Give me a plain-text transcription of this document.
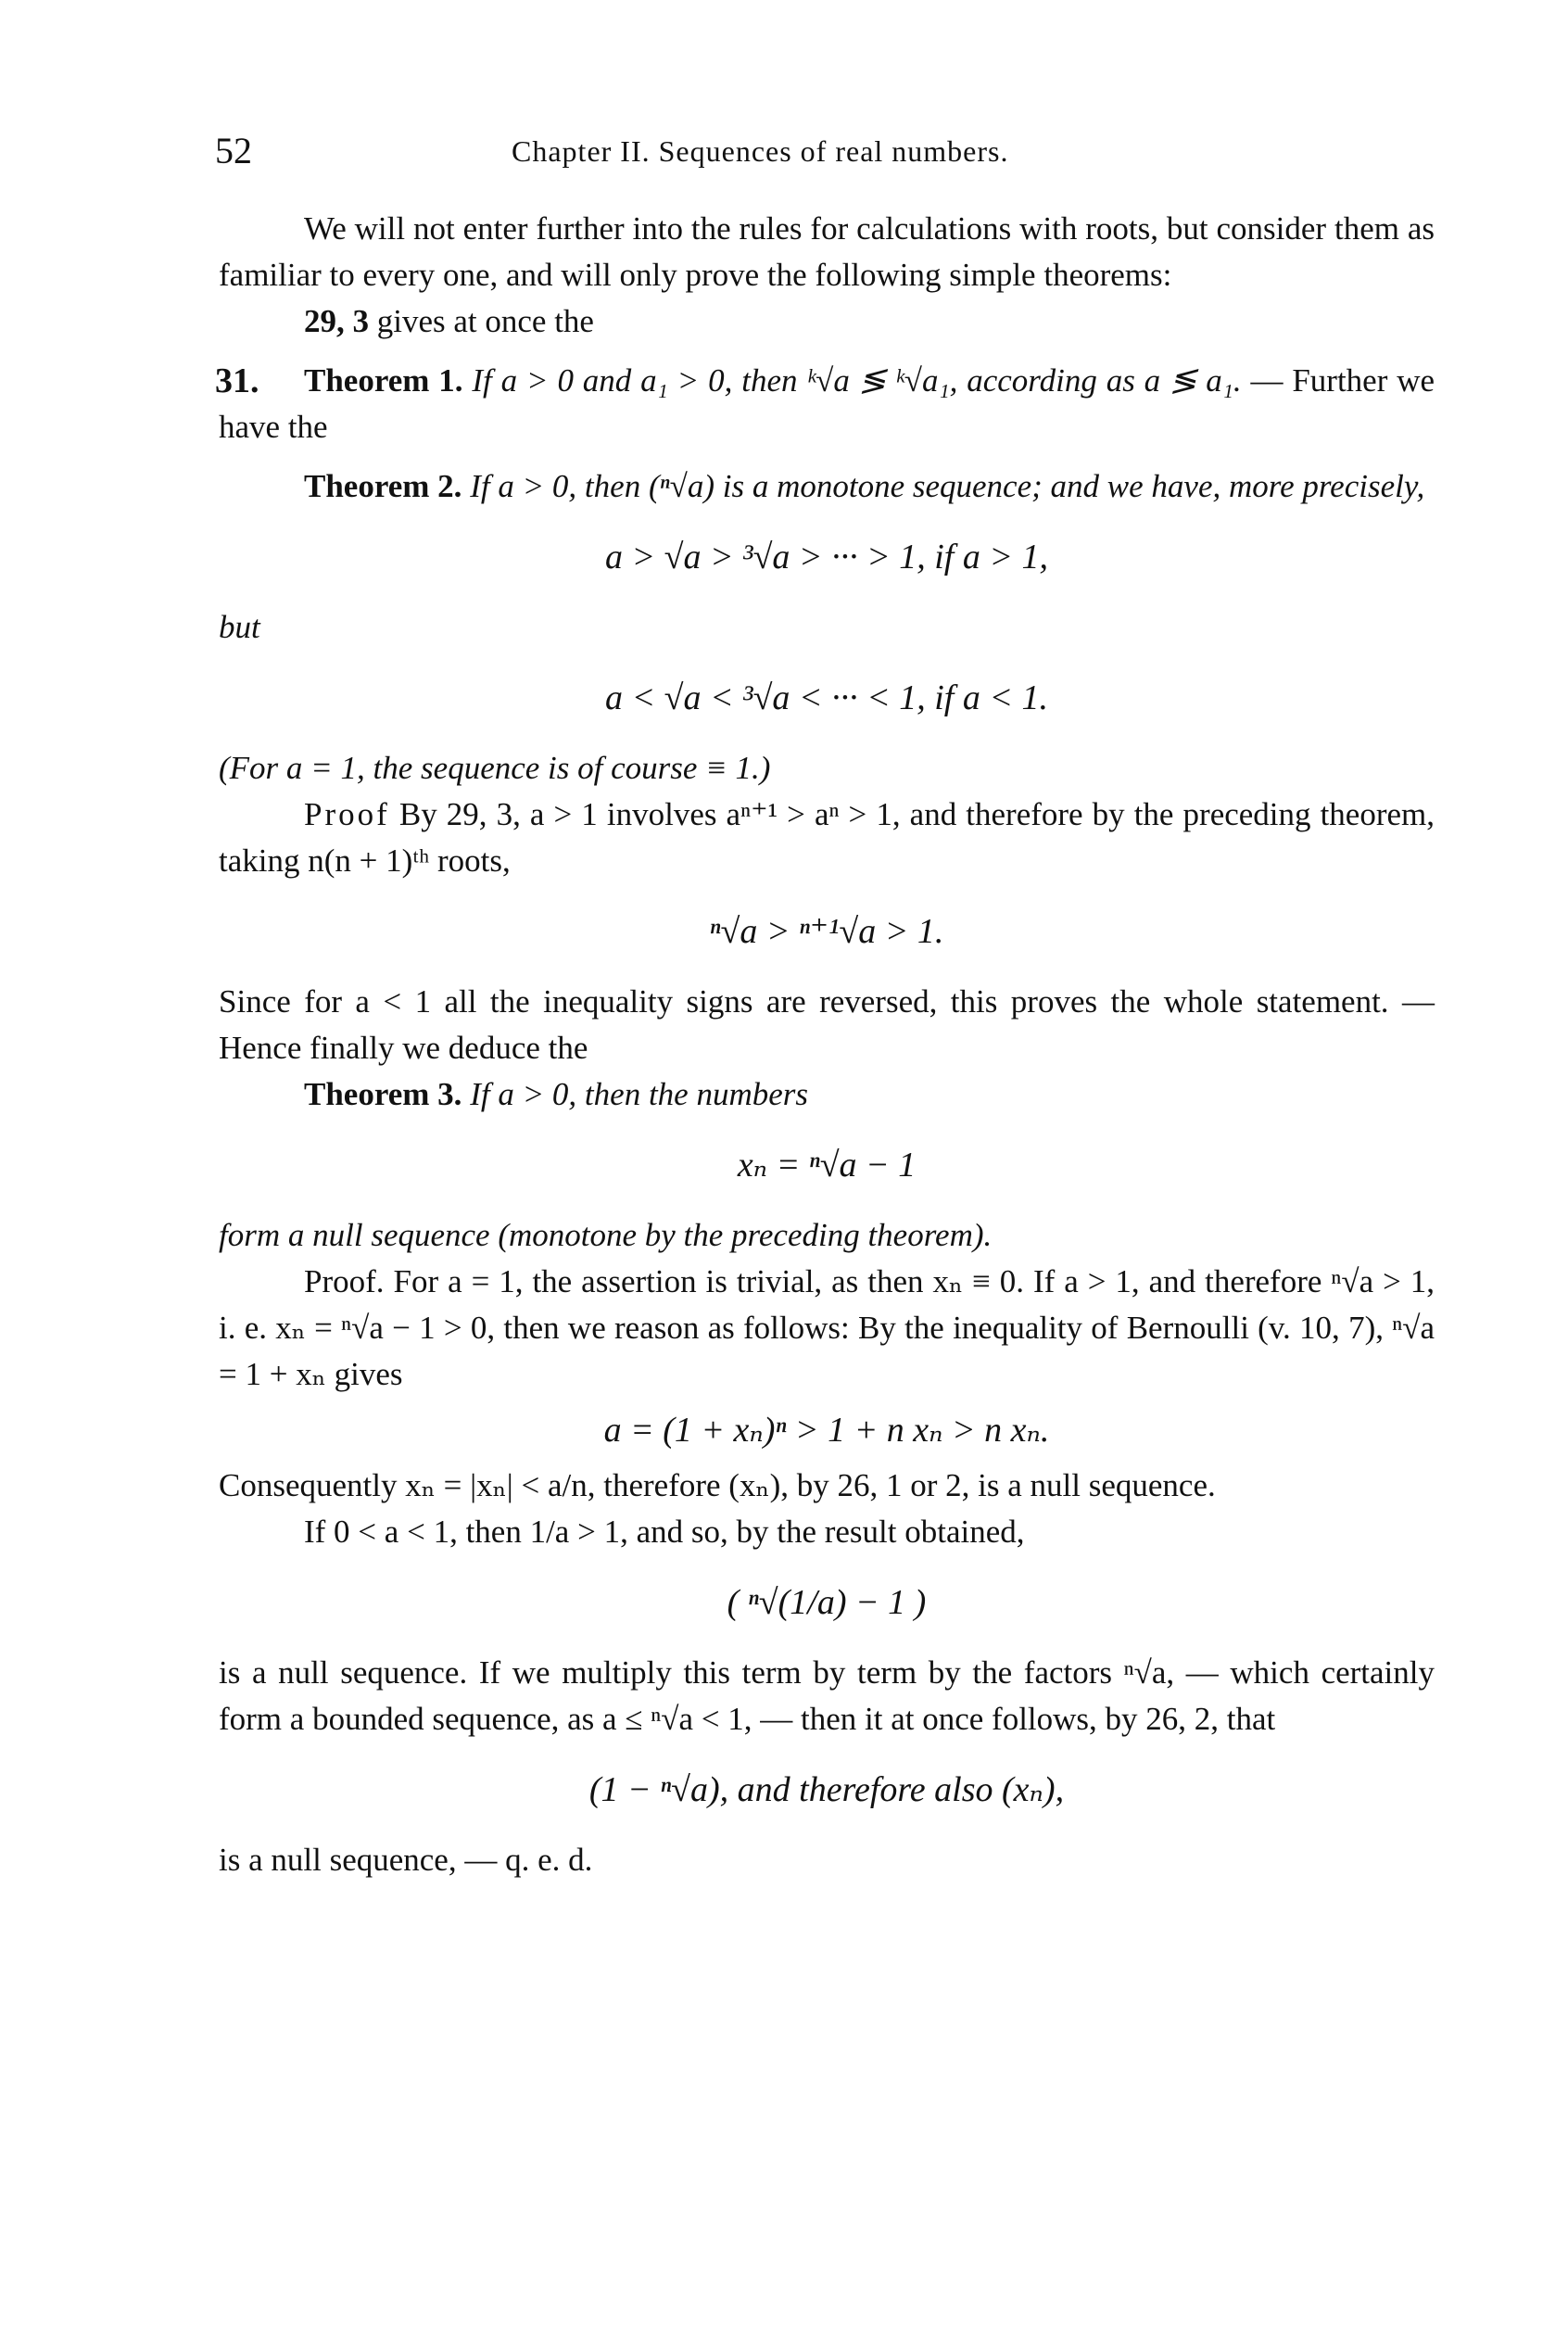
52	Chapter II. Sequences of real numbers.

We will not enter further into the rules for calculations with roots, but consider them as familiar to every one, and will only prove the following simple theorems:

29, 3 gives at once the

31. Theorem 1. If a > 0 and a₁ > 0, then ᵏ√a ≶ ᵏ√a₁, according as a ≶ a₁. — Further we have the

Theorem 2. If a > 0, then (ⁿ√a) is a monotone sequence; and we have, more precisely,

a > √a > ³√a > ··· > 1, if a > 1,

but

a < √a < ³√a < ··· < 1, if a < 1.

(For a = 1, the sequence is of course ≡ 1.)

Proof By 29, 3, a > 1 involves aⁿ⁺¹ > aⁿ > 1, and therefore by the preceding theorem, taking n(n + 1)ᵗʰ roots,

ⁿ√a > ⁿ⁺¹√a > 1.

Since for a < 1 all the inequality signs are reversed, this proves the whole statement. — Hence finally we deduce the

Theorem 3. If a > 0, then the numbers

xₙ = ⁿ√a − 1

form a null sequence (monotone by the preceding theorem).

Proof. For a = 1, the assertion is trivial, as then xₙ ≡ 0. If a > 1, and therefore ⁿ√a > 1, i. e. xₙ = ⁿ√a − 1 > 0, then we reason as follows: By the inequality of Bernoulli (v. 10, 7), ⁿ√a = 1 + xₙ gives

a = (1 + xₙ)ⁿ > 1 + n xₙ > n xₙ.

Consequently xₙ = |xₙ| < a/n, therefore (xₙ), by 26, 1 or 2, is a null sequence.

If 0 < a < 1, then 1/a > 1, and so, by the result obtained,

( ⁿ√(1/a) − 1 )

is a null sequence. If we multiply this term by term by the factors ⁿ√a, — which certainly form a bounded sequence, as a ≤ ⁿ√a < 1, — then it at once follows, by 26, 2, that

(1 − ⁿ√a), and therefore also (xₙ),

is a null sequence, — q. e. d.
